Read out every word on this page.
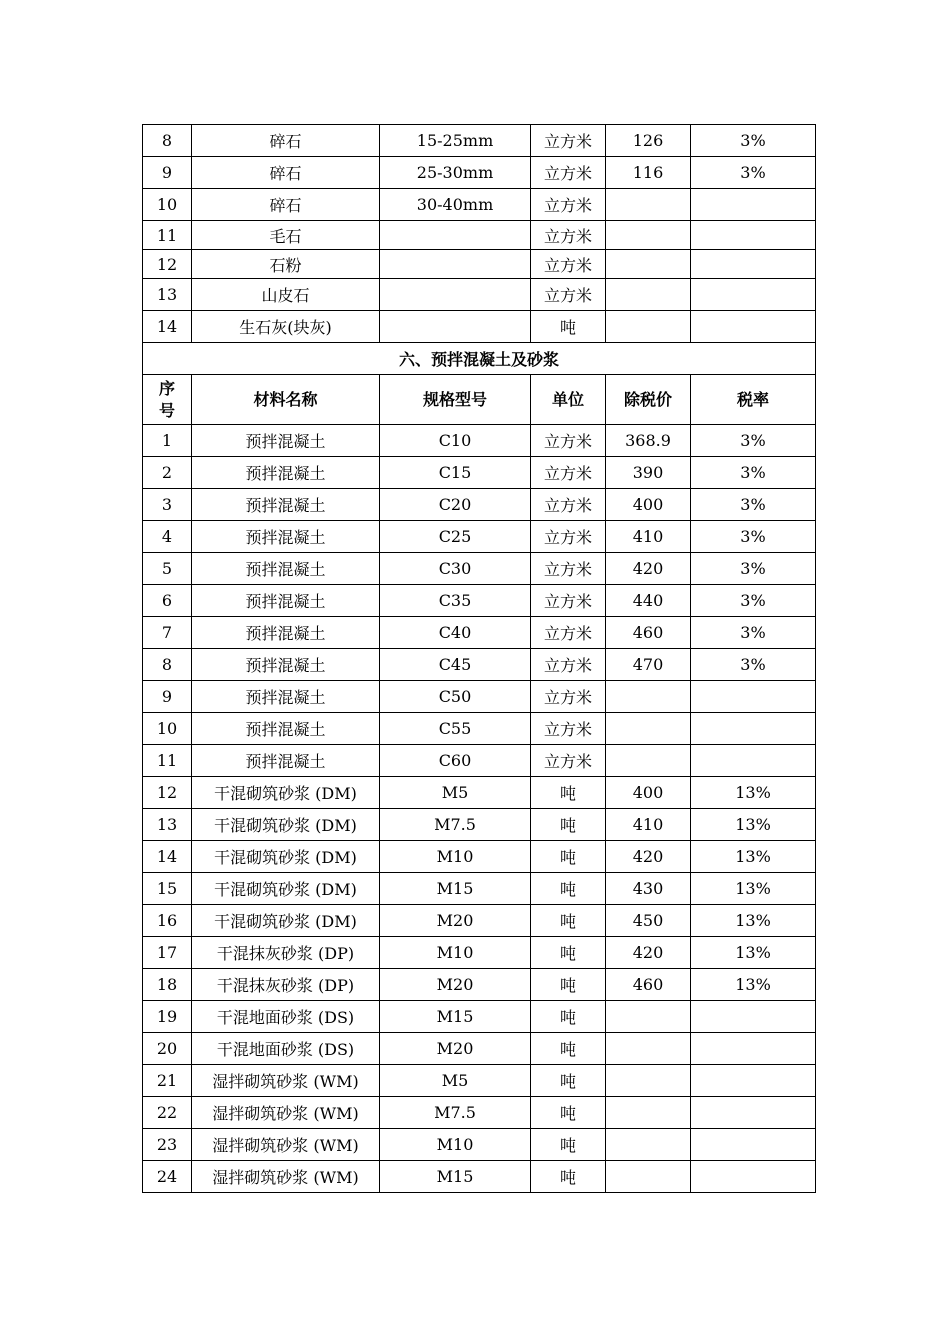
8	碎石	15-25mm	立方米	126	3%
9	碎石	25-30mm	立方米	116	3%
10	碎石	30-40mm	立方米		
11	毛石		立方米		
12	石粉		立方米		
13	山皮石		立方米		
14	生石灰(块灰)		吨		
六、预拌混凝土及砂浆					
序号	材料名称	规格型号	单位	除税价	税率
1	预拌混凝土	C10	立方米	368.9	3%
2	预拌混凝土	C15	立方米	390	3%
3	预拌混凝土	C20	立方米	400	3%
4	预拌混凝土	C25	立方米	410	3%
5	预拌混凝土	C30	立方米	420	3%
6	预拌混凝土	C35	立方米	440	3%
7	预拌混凝土	C40	立方米	460	3%
8	预拌混凝土	C45	立方米	470	3%
9	预拌混凝土	C50	立方米		
10	预拌混凝土	C55	立方米		
11	预拌混凝土	C60	立方米		
12	干混砌筑砂浆 (DM)	M5	吨	400	13%
13	干混砌筑砂浆 (DM)	M7.5	吨	410	13%
14	干混砌筑砂浆 (DM)	M10	吨	420	13%
15	干混砌筑砂浆 (DM)	M15	吨	430	13%
16	干混砌筑砂浆 (DM)	M20	吨	450	13%
17	干混抹灰砂浆 (DP)	M10	吨	420	13%
18	干混抹灰砂浆 (DP)	M20	吨	460	13%
19	干混地面砂浆 (DS)	M15	吨		
20	干混地面砂浆 (DS)	M20	吨		
21	湿拌砌筑砂浆 (WM)	M5	吨		
22	湿拌砌筑砂浆 (WM)	M7.5	吨		
23	湿拌砌筑砂浆 (WM)	M10	吨		
24	湿拌砌筑砂浆 (WM)	M15	吨		
